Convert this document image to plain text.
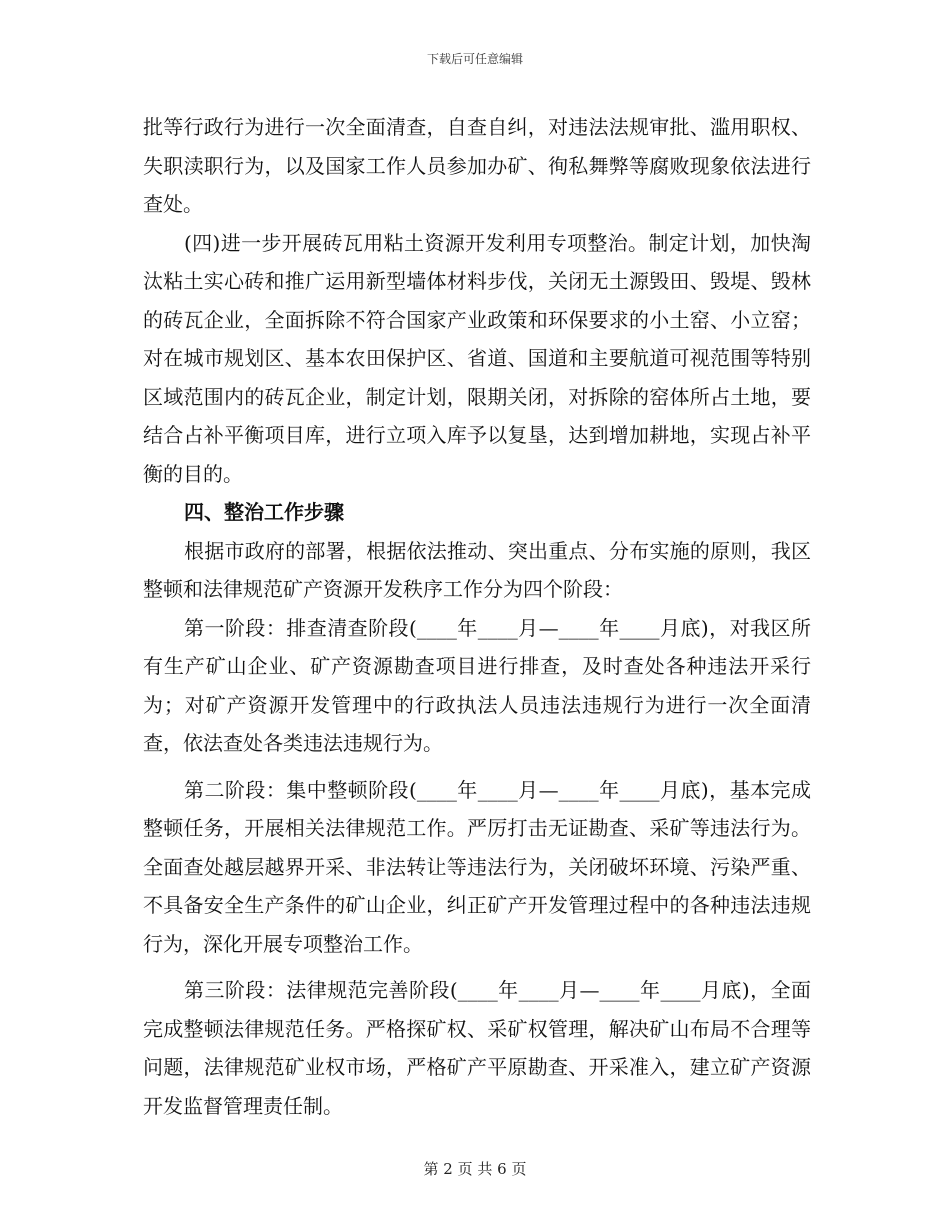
下载后可任意编辑

批等行政行为进行一次全面清查，自查自纠，对违法法规审批、滥用职权、失职渎职行为，以及国家工作人员参加办矿、徇私舞弊等腐败现象依法进行查处。

(四)进一步开展砖瓦用粘土资源开发利用专项整治。制定计划，加快淘汰粘土实心砖和推广运用新型墙体材料步伐，关闭无土源毁田、毁堤、毁林的砖瓦企业，全面拆除不符合国家产业政策和环保要求的小土窑、小立窑；对在城市规划区、基本农田保护区、省道、国道和主要航道可视范围等特别区域范围内的砖瓦企业，制定计划，限期关闭，对拆除的窑体所占土地，要结合占补平衡项目库，进行立项入库予以复垦，达到增加耕地，实现占补平衡的目的。

四、整治工作步骤

根据市政府的部署，根据依法推动、突出重点、分布实施的原则，我区整顿和法律规范矿产资源开发秩序工作分为四个阶段：

第一阶段：排查清查阶段(____年____月—____年____月底)，对我区所有生产矿山企业、矿产资源勘查项目进行排查，及时查处各种违法开采行为；对矿产资源开发管理中的行政执法人员违法违规行为进行一次全面清查，依法查处各类违法违规行为。

第二阶段：集中整顿阶段(____年____月—____年____月底)，基本完成整顿任务，开展相关法律规范工作。严厉打击无证勘查、采矿等违法行为。全面查处越层越界开采、非法转让等违法行为，关闭破坏环境、污染严重、不具备安全生产条件的矿山企业，纠正矿产开发管理过程中的各种违法违规行为，深化开展专项整治工作。

第三阶段：法律规范完善阶段(____年____月—____年____月底)，全面完成整顿法律规范任务。严格探矿权、采矿权管理，解决矿山布局不合理等问题，法律规范矿业权市场，严格矿产平原勘查、开采准入，建立矿产资源开发监督管理责任制。

第 2 页 共 6 页
